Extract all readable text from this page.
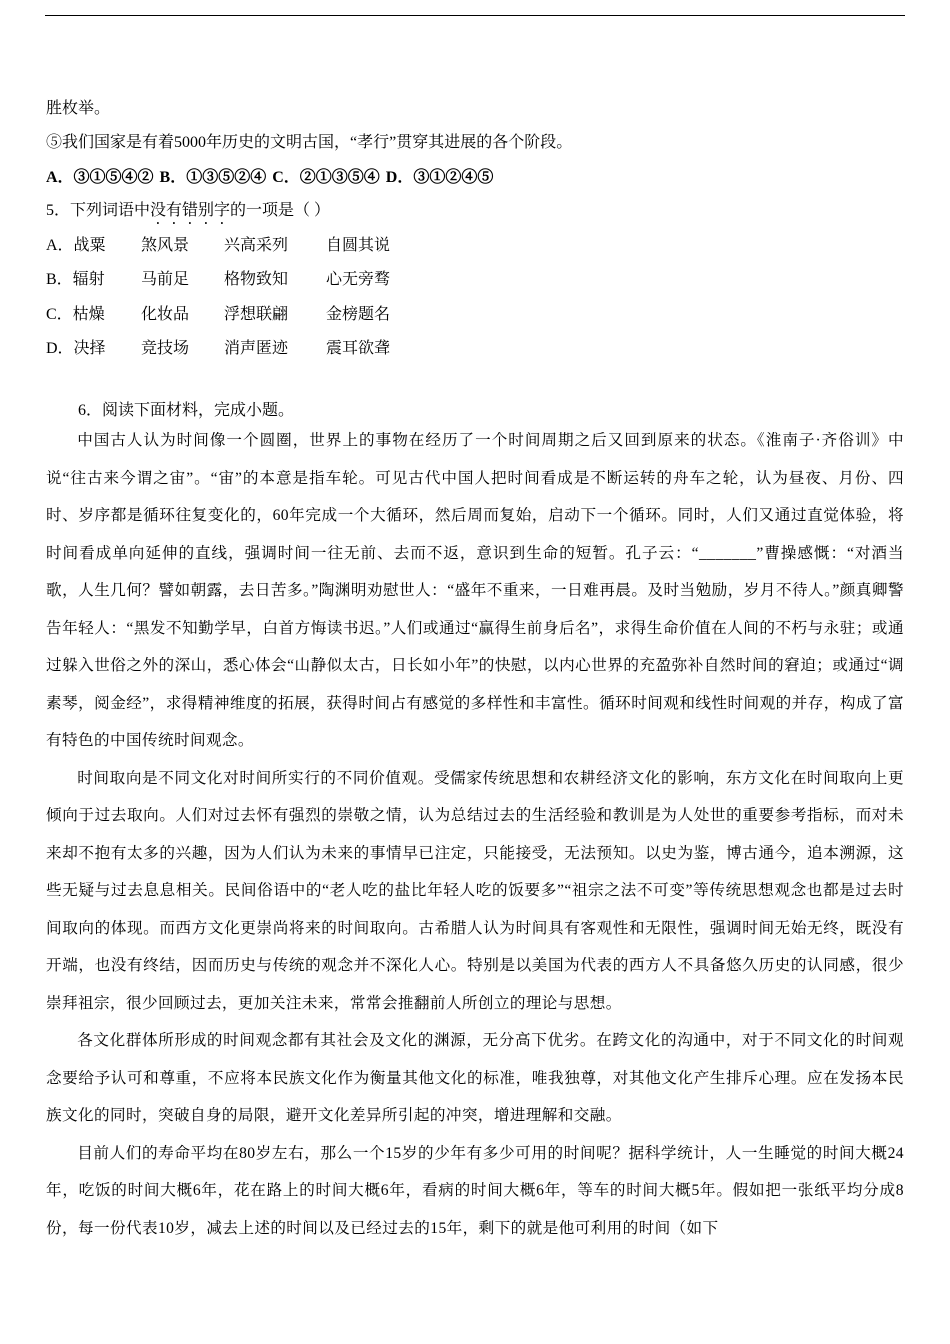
胜枚举。
⑤我们国家是有着5000年历史的文明古国，“孝行”贯穿其进展的各个阶段。
A．③①⑤④② B．①③⑤②④ C．②①③⑤④ D．③①②④⑤
5．下列词语中没有错别字的一项是（ ）
A．战粟 煞风景 兴高采列 自圆其说
B．辐射 马前足 格物致知 心无旁骛
C．枯燥 化妆品 浮想联翩 金榜题名
D．决择 竞技场 消声匿迹 震耳欲聋
6．阅读下面材料，完成小题。

中国古人认为时间像一个圆圈，世界上的事物在经历了一个时间周期之后又回到原来的状态。《淮南子·齐俗训》中说“往古来今谓之宙”。“宙”的本意是指车轮。可见古代中国人把时间看成是不断运转的舟车之轮，认为昼夜、月份、四时、岁序都是循环往复变化的，60年完成一个大循环，然后周而复始，启动下一个循环。同时，人们又通过直觉体验，将时间看成单向延伸的直线，强调时间一往无前、去而不返，意识到生命的短暂。孔子云：“_______”曹操感慨：“对酒当歌，人生几何？譬如朝露，去日苦多。”陶渊明劝慰世人：“盛年不重来，一日难再晨。及时当勉励，岁月不待人。”颜真卿警告年轻人：“黑发不知勤学早，白首方悔读书迟。”人们或通过“赢得生前身后名”，求得生命价值在人间的不朽与永驻；或通过躲入世俗之外的深山，悉心体会“山静似太古，日长如小年”的快慰，以内心世界的充盈弥补自然时间的窘迫；或通过“调素琴，阅金经”，求得精神维度的拓展，获得时间占有感觉的多样性和丰富性。循环时间观和线性时间观的并存，构成了富有特色的中国传统时间观念。

时间取向是不同文化对时间所实行的不同价值观。受儒家传统思想和农耕经济文化的影响，东方文化在时间取向上更倾向于过去取向。人们对过去怀有强烈的崇敬之情，认为总结过去的生活经验和教训是为人处世的重要参考指标，而对未来却不抱有太多的兴趣，因为人们认为未来的事情早已注定，只能接受，无法预知。以史为鉴，博古通今，追本溯源，这些无疑与过去息息相关。民间俗语中的“老人吃的盐比年轻人吃的饭要多”“祖宗之法不可变”等传统思想观念也都是过去时间取向的体现。而西方文化更崇尚将来的时间取向。古希腊人认为时间具有客观性和无限性，强调时间无始无终，既没有开端，也没有终结，因而历史与传统的观念并不深化人心。特别是以美国为代表的西方人不具备悠久历史的认同感，很少崇拜祖宗，很少回顾过去，更加关注未来，常常会推翻前人所创立的理论与思想。

各文化群体所形成的时间观念都有其社会及文化的渊源，无分高下优劣。在跨文化的沟通中，对于不同文化的时间观念要给予认可和尊重，不应将本民族文化作为衡量其他文化的标准，唯我独尊，对其他文化产生排斥心理。应在发扬本民族文化的同时，突破自身的局限，避开文化差异所引起的冲突，增进理解和交融。

目前人们的寿命平均在80岁左右，那么一个15岁的少年有多少可用的时间呢？据科学统计，人一生睡觉的时间大概24年，吃饭的时间大概6年，花在路上的时间大概6年，看病的时间大概6年，等车的时间大概5年。假如把一张纸平均分成8份，每一份代表10岁，减去上述的时间以及已经过去的15年，剩下的就是他可利用的时间（如下
